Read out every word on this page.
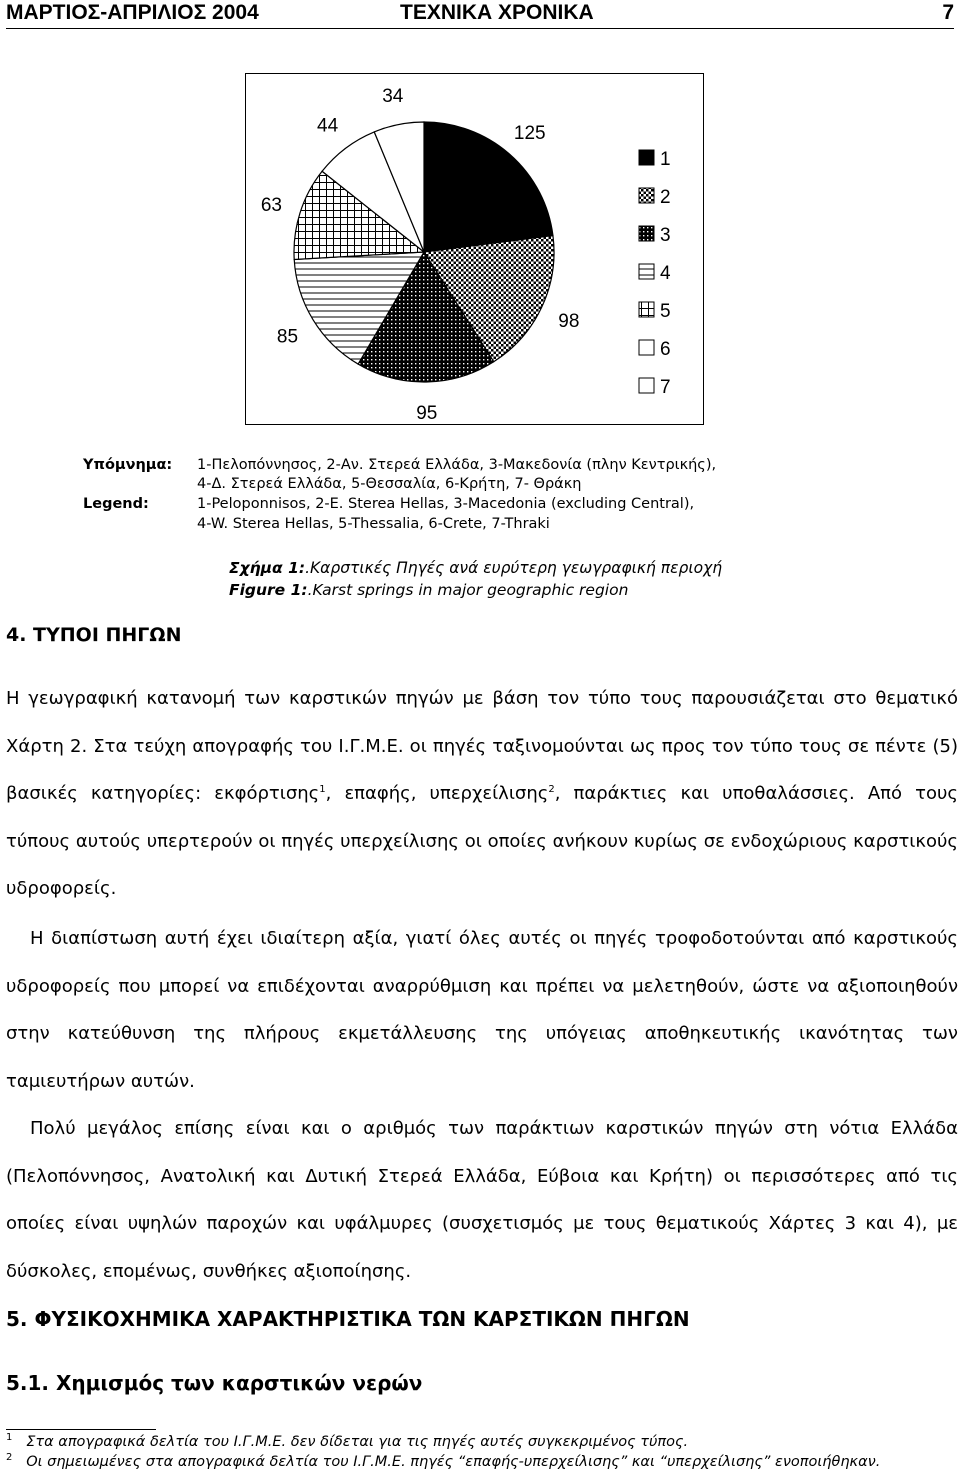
ΜΑΡΤΙΟΣ-ΑΠΡΙΛΙΟΣ 2004	ΤΕΧΝΙΚΑ ΧΡΟΝΙΚΑ	7
125
98
95
85
63
44
34
1
2
3
4
5
6
7
Υπόμνημα: 1-Πελοπόννησος, 2-Αν. Στερεά Ελλάδα, 3-Μακεδονία (πλην Κεντρικής),
4-Δ. Στερεά Ελλάδα, 5-Θεσσαλία, 6-Κρήτη, 7- Θράκη
Legend:	1-Peloponnisos, 2-E. Sterea Hellas, 3-Macedonia (excluding Central),
4-W. Sterea Hellas, 5-Thessalia, 6-Crete, 7-Thraki
Σχήμα 1:.Καρστικές Πηγές ανά ευρύτερη γεωγραφική περιοχή
Figure 1:.Karst springs in major geographic region
4. ΤΥΠΟΙ ΠΗΓΩΝ

Η γεωγραφική κατανομή των καρστικών πηγών με βάση τον τύπο τους παρουσιάζεται στο θεματικό Χάρτη 2. Στα τεύχη απογραφής του Ι.Γ.Μ.Ε. οι πηγές ταξινομούνται ως προς τον τύπο τους σε πέντε (5) βασικές κατηγορίες: εκφόρτισης$^1$, επαφής, υπερχείλισης$^2$, παράκτιες και υποθαλάσσιες. Από τους τύπους αυτούς υπερτερούν οι πηγές υπερχείλισης οι οποίες ανήκουν κυρίως σε ενδοχώριους καρστικούς υδροφορείς.

Η διαπίστωση αυτή έχει ιδιαίτερη αξία, γιατί όλες αυτές οι πηγές τροφοδοτούνται από καρστικούς υδροφορείς που μπορεί να επιδέχονται αναρρύθμιση και πρέπει να μελετηθούν, ώστε να αξιοποιηθούν στην κατεύθυνση της πλήρους εκμετάλλευσης της υπόγειας αποθηκευτικής ικανότητας των ταμιευτήρων αυτών.

Πολύ μεγάλος επίσης είναι και ο αριθμός των παράκτιων καρστικών πηγών στη νότια Ελλάδα (Πελοπόννησος, Ανατολική και Δυτική Στερεά Ελλάδα, Εύβοια και Κρήτη) οι περισσότερες από τις οποίες είναι υψηλών παροχών και υφάλμυρες (συσχετισμός με τους θεματικούς Χάρτες 3 και 4), με δύσκολες, επομένως, συνθήκες αξιοποίησης.

5. ΦΥΣΙΚΟΧΗΜΙΚΑ ΧΑΡΑΚΤΗΡΙΣΤΙΚΑ ΤΩΝ ΚΑΡΣΤΙΚΩΝ ΠΗΓΩΝ
5.1. Χημισμός των καρστικών νερών
$^1$ Στα απογραφικά δελτία του Ι.Γ.Μ.Ε. δεν δίδεται για τις πηγές αυτές συγκεκριμένος τύπος.
$^2$ Οι σημειωμένες στα απογραφικά δελτία του Ι.Γ.Μ.Ε. πηγές “επαφής-υπερχείλισης” και “υπερχείλισης” ενοποιήθηκαν.
